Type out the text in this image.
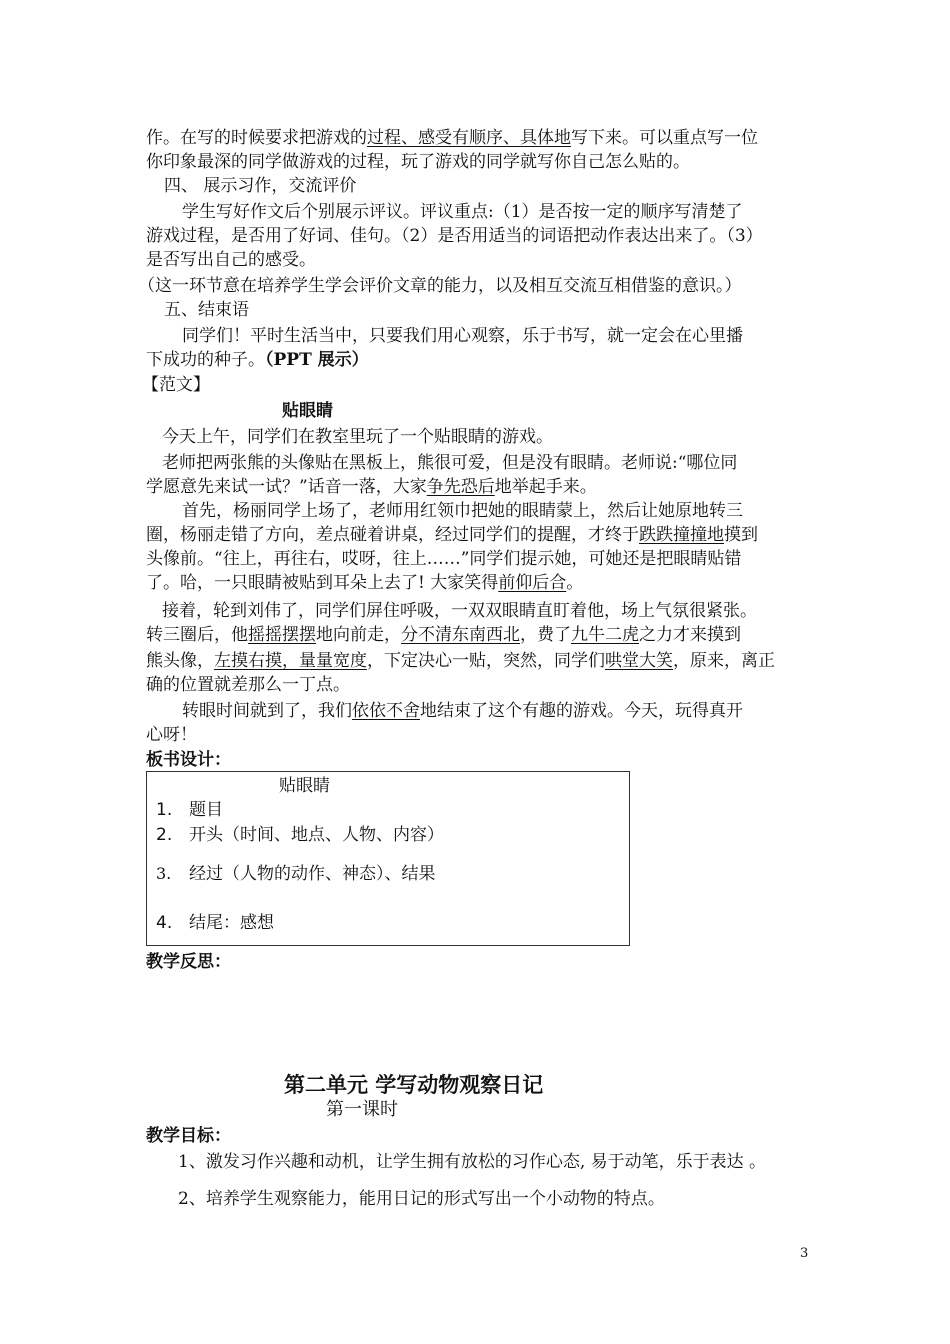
作。在写的时候要求把游戏的过程、感受有顺序、具体地写下来。可以重点写一位
你印象最深的同学做游戏的过程，玩了游戏的同学就写你自己怎么贴的。
四、 展示习作，交流评价
学生写好作文后个别展示评议。评议重点:（1）是否按一定的顺序写清楚了
游戏过程，是否用了好词、佳句。（2）是否用适当的词语把动作表达出来了。（3）
是否写出自己的感受。
（这一环节意在培养学生学会评价文章的能力，以及相互交流互相借鉴的意识。）
五、结束语
同学们！平时生活当中，只要我们用心观察，乐于书写，就一定会在心里播
下成功的种子。（PPT 展示）
【范文】
贴眼睛
今天上午，同学们在教室里玩了一个贴眼睛的游戏。
老师把两张熊的头像贴在黑板上，熊很可爱，但是没有眼睛。老师说:“哪位同
学愿意先来试一试？”话音一落，大家争先恐后地举起手来。
首先，杨丽同学上场了，老师用红领巾把她的眼睛蒙上，然后让她原地转三
圈，杨丽走错了方向，差点碰着讲桌，经过同学们的提醒，才终于跌跌撞撞地摸到
头像前。“往上，再往右，哎呀，往上……”同学们提示她，可她还是把眼睛贴错
了。哈，一只眼睛被贴到耳朵上去了! 大家笑得前仰后合。
接着，轮到刘伟了，同学们屏住呼吸，一双双眼睛直盯着他，场上气氛很紧张。
转三圈后，他摇摇摆摆地向前走，分不清东南西北，费了九牛二虎之力才来摸到
熊头像，左摸右摸，量量宽度，下定决心一贴，突然，同学们哄堂大笑，原来，离正
确的位置就差那么一丁点。
转眼时间就到了，我们依依不舍地结束了这个有趣的游戏。今天，玩得真开
心呀！
板书设计：
贴眼睛
1. 题目
2. 开头（时间、地点、人物、内容）
3. 经过（人物的动作、神态）、结果
4. 结尾：感想
教学反思：
第二单元 学写动物观察日记
第一课时
教学目标：
1、激发习作兴趣和动机，让学生拥有放松的习作心态, 易于动笔，乐于表达 。
2、培养学生观察能力，能用日记的形式写出一个小动物的特点。
3
